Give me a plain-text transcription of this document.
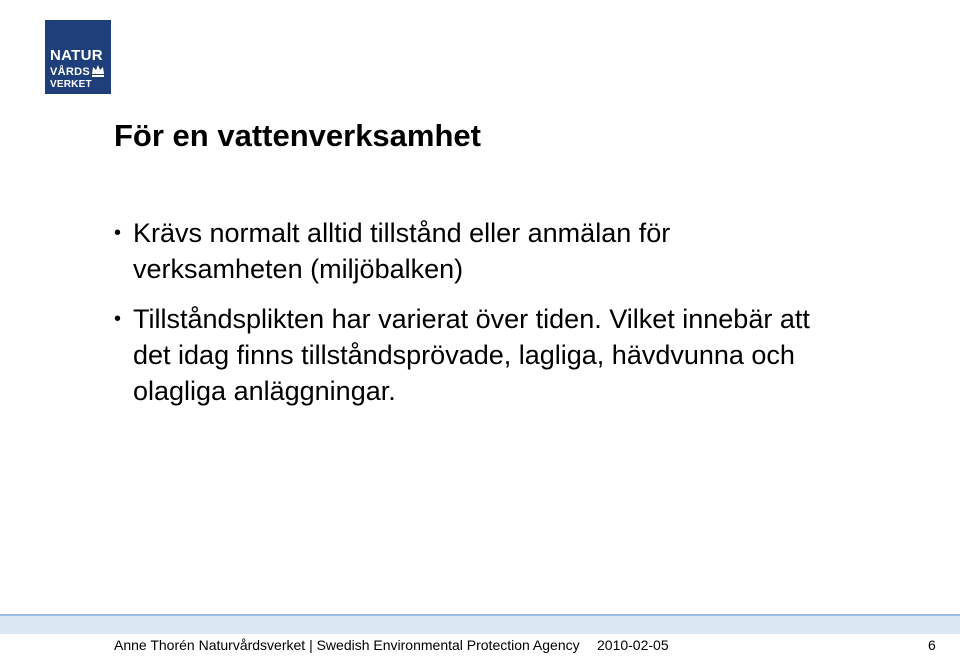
NATUR
VÅRDS
VERKET
För en vattenverksamhet
• Krävs normalt alltid tillstånd eller anmälan för verksamheten (miljöbalken)
• Tillståndsplikten har varierat över tiden. Vilket innebär att det idag finns tillståndsprövade, lagliga, hävdvunna och olagliga anläggningar.
Anne Thorén Naturvårdsverket | Swedish Environmental Protection Agency	2010-02-05	6
